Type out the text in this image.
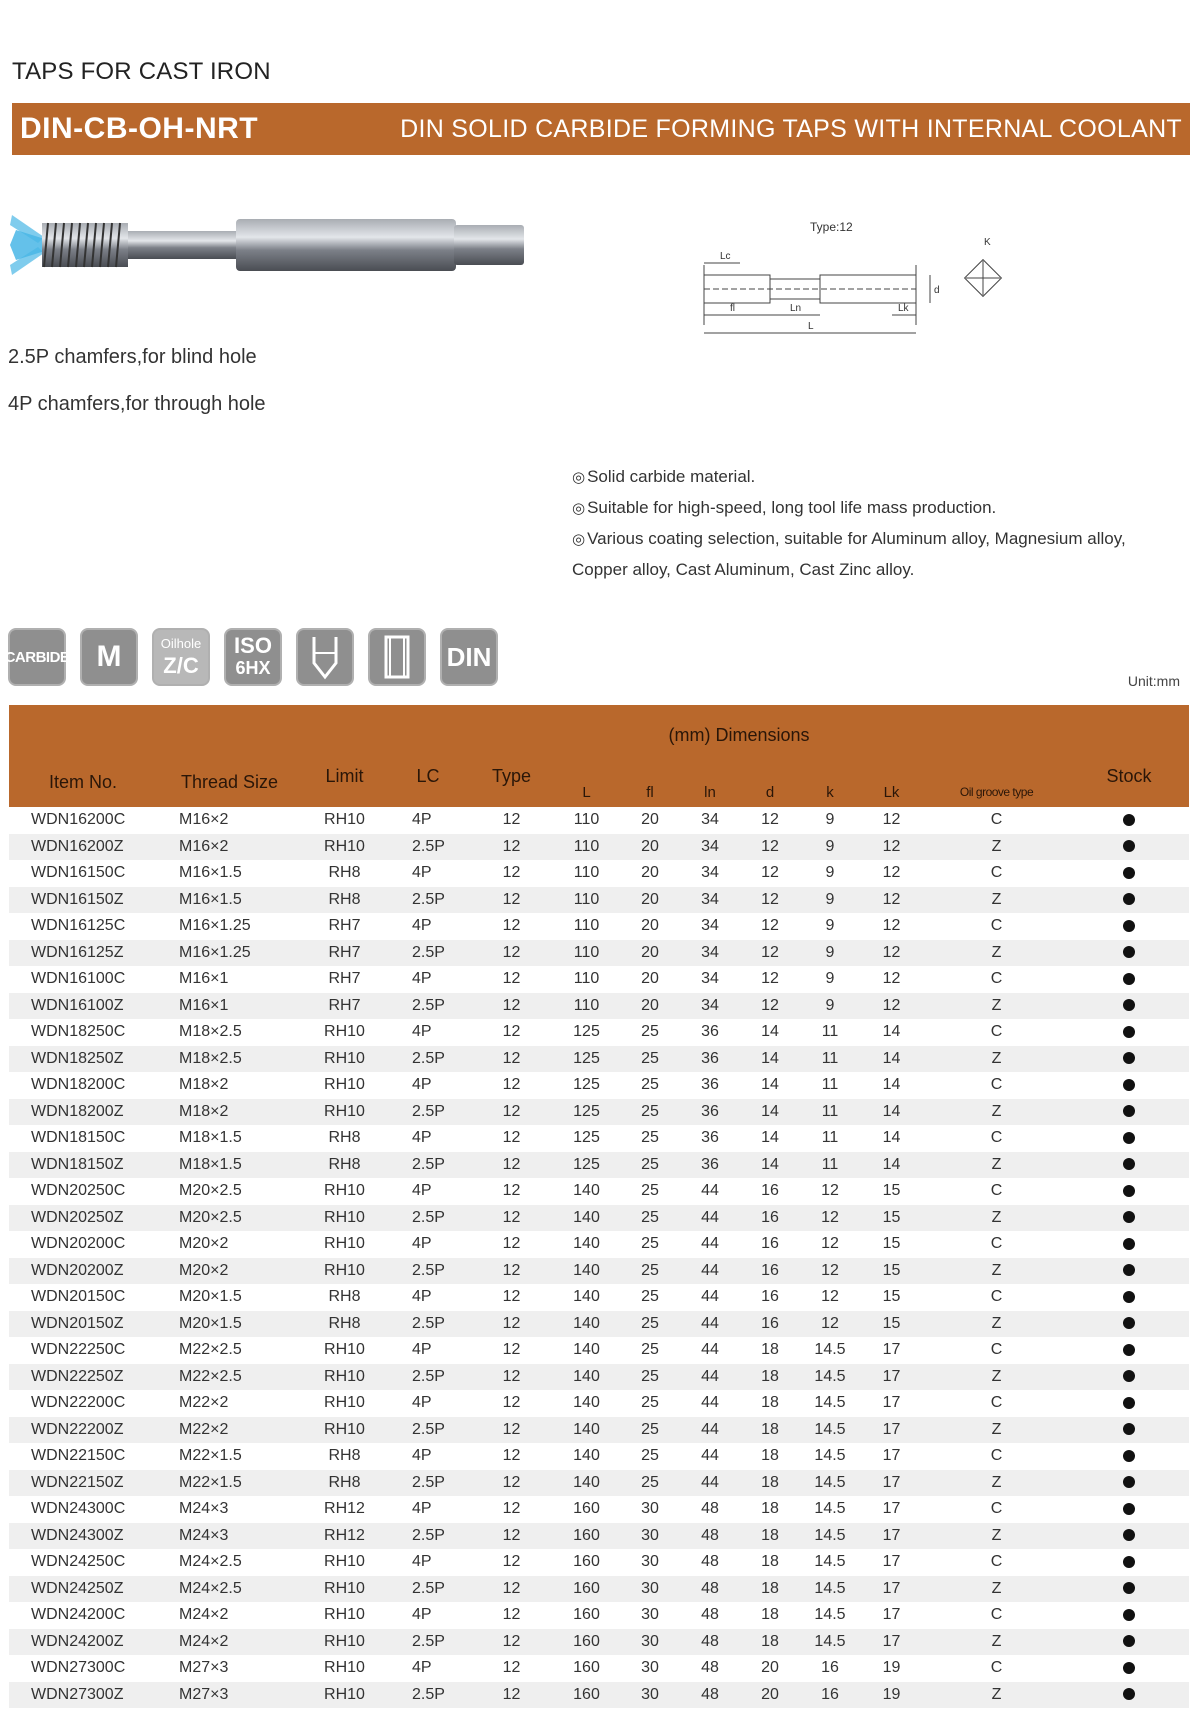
TAPS FOR CAST IRON
DIN-CB-OH-NRT	DIN SOLID CARBIDE FORMING TAPS WITH INTERNAL COOLANT
Type:12
Lc
fl	Ln
L
d
Lk
K
2.5P chamfers,for blind hole
4P chamfers,for through hole
◎ Solid carbide material.
◎ Suitable for high-speed, long tool life mass production.
◎ Various coating selection, suitable for Aluminum alloy, Magnesium alloy, Copper alloy, Cast Aluminum, Cast Zinc alloy.
CARBIDE M	Oilhole
Z/C
ISO
6HX	DIN
Unit:mm
Item No.	Thread Size	Limit	LC	Type	(mm) Dimensions						Oil groove type	Stock
					L	fl	ln	d	k	Lk		
WDN16200C	M16×2	RH10	4P	12	110	20	34	12	9	12	C	
WDN16200Z	M16×2	RH10	2.5P	12	110	20	34	12	9	12	Z	
WDN16150C	M16×1.5	RH8	4P	12	110	20	34	12	9	12	C	
WDN16150Z	M16×1.5	RH8	2.5P	12	110	20	34	12	9	12	Z	
WDN16125C	M16×1.25	RH7	4P	12	110	20	34	12	9	12	C	
WDN16125Z	M16×1.25	RH7	2.5P	12	110	20	34	12	9	12	Z	
WDN16100C	M16×1	RH7	4P	12	110	20	34	12	9	12	C	
WDN16100Z	M16×1	RH7	2.5P	12	110	20	34	12	9	12	Z	
WDN18250C	M18×2.5	RH10	4P	12	125	25	36	14	11	14	C	
WDN18250Z	M18×2.5	RH10	2.5P	12	125	25	36	14	11	14	Z	
WDN18200C	M18×2	RH10	4P	12	125	25	36	14	11	14	C	
WDN18200Z	M18×2	RH10	2.5P	12	125	25	36	14	11	14	Z	
WDN18150C	M18×1.5	RH8	4P	12	125	25	36	14	11	14	C	
WDN18150Z	M18×1.5	RH8	2.5P	12	125	25	36	14	11	14	Z	
WDN20250C	M20×2.5	RH10	4P	12	140	25	44	16	12	15	C	
WDN20250Z	M20×2.5	RH10	2.5P	12	140	25	44	16	12	15	Z	
WDN20200C	M20×2	RH10	4P	12	140	25	44	16	12	15	C	
WDN20200Z	M20×2	RH10	2.5P	12	140	25	44	16	12	15	Z	
WDN20150C	M20×1.5	RH8	4P	12	140	25	44	16	12	15	C	
WDN20150Z	M20×1.5	RH8	2.5P	12	140	25	44	16	12	15	Z	
WDN22250C	M22×2.5	RH10	4P	12	140	25	44	18	14.5	17	C	
WDN22250Z	M22×2.5	RH10	2.5P	12	140	25	44	18	14.5	17	Z	
WDN22200C	M22×2	RH10	4P	12	140	25	44	18	14.5	17	C	
WDN22200Z	M22×2	RH10	2.5P	12	140	25	44	18	14.5	17	Z	
WDN22150C	M22×1.5	RH8	4P	12	140	25	44	18	14.5	17	C	
WDN22150Z	M22×1.5	RH8	2.5P	12	140	25	44	18	14.5	17	Z	
WDN24300C	M24×3	RH12	4P	12	160	30	48	18	14.5	17	C	
WDN24300Z	M24×3	RH12	2.5P	12	160	30	48	18	14.5	17	Z	
WDN24250C	M24×2.5	RH10	4P	12	160	30	48	18	14.5	17	C	
WDN24250Z	M24×2.5	RH10	2.5P	12	160	30	48	18	14.5	17	Z	
WDN24200C	M24×2	RH10	4P	12	160	30	48	18	14.5	17	C	
WDN24200Z	M24×2	RH10	2.5P	12	160	30	48	18	14.5	17	Z	
WDN27300C	M27×3	RH10	4P	12	160	30	48	20	16	19	C	
WDN27300Z	M27×3	RH10	2.5P	12	160	30	48	20	16	19	Z	
